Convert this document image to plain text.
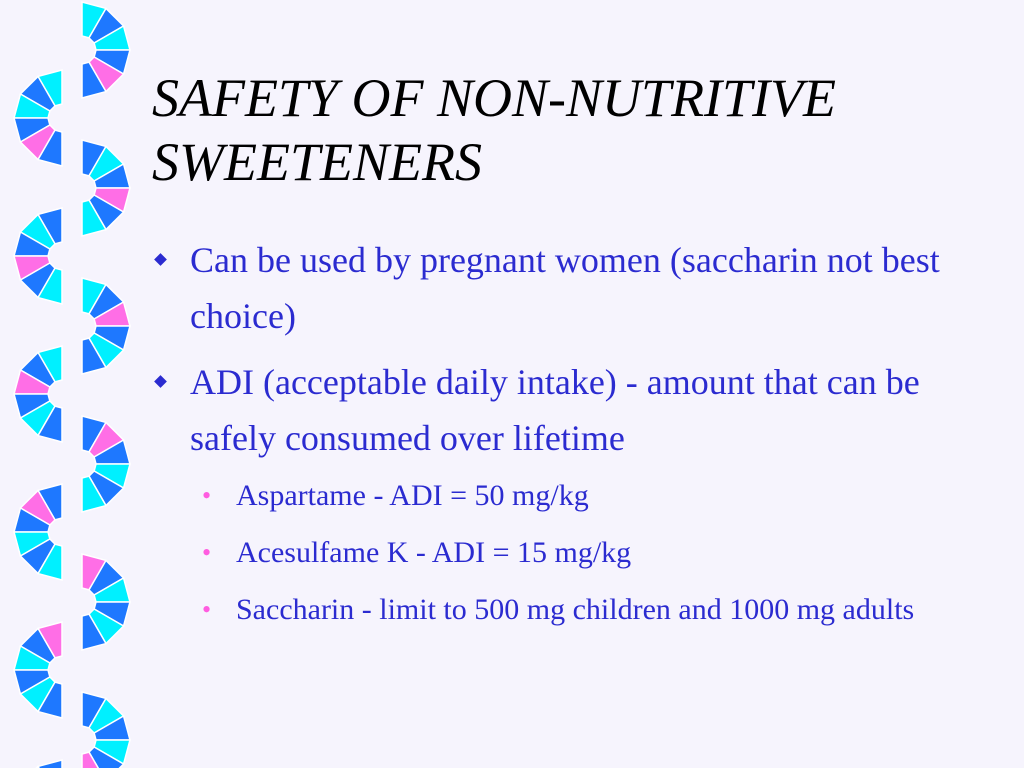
SAFETY OF NON-NUTRITIVE
SWEETENERS
Can be used by pregnant women (saccharin not best choice)
ADI (acceptable daily intake) - amount that can be safely consumed over lifetime
• Aspartame - ADI = 50 mg/kg
• Acesulfame K - ADI = 15 mg/kg
• Saccharin - limit to 500 mg children and 1000 mg adults
